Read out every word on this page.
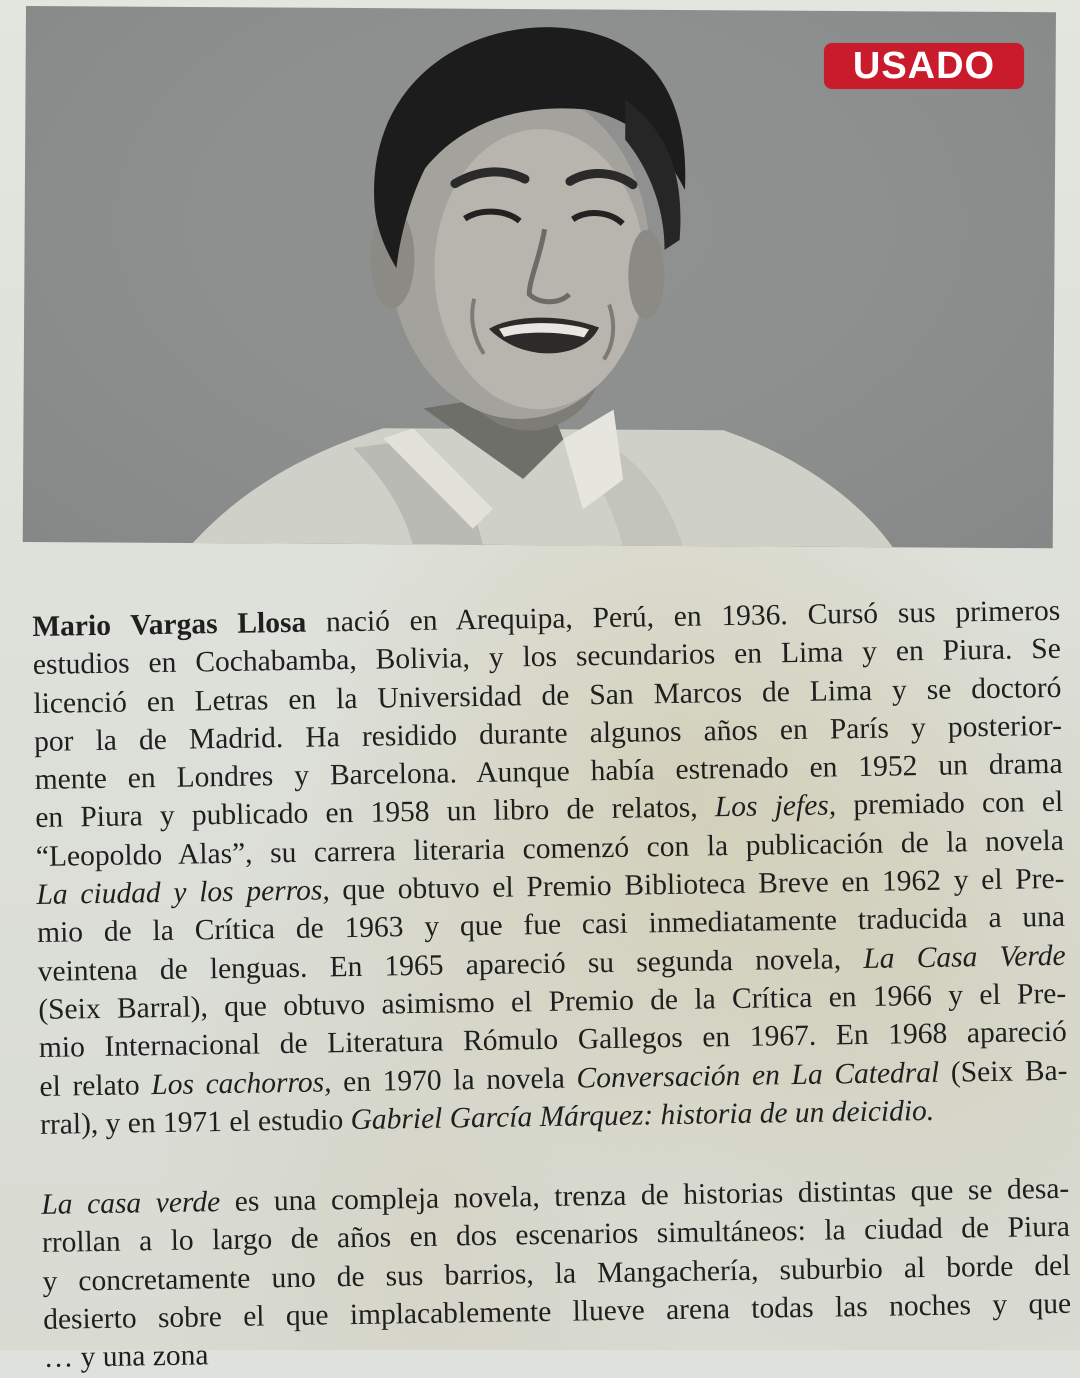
USADO
Mario Vargas Llosa nació en Arequipa, Perú, en 1936. Cursó sus primeros
estudios en Cochabamba, Bolivia, y los secundarios en Lima y en Piura. Se
licenció en Letras en la Universidad de San Marcos de Lima y se doctoró
por la de Madrid. Ha residido durante algunos años en París y posterior-
mente en Londres y Barcelona. Aunque había estrenado en 1952 un drama
en Piura y publicado en 1958 un libro de relatos, Los jefes, premiado con el
“Leopoldo Alas”, su carrera literaria comenzó con la publicación de la novela
La ciudad y los perros, que obtuvo el Premio Biblioteca Breve en 1962 y el Pre-
mio de la Crítica de 1963 y que fue casi inmediatamente traducida a una
veintena de lenguas. En 1965 apareció su segunda novela, La Casa Verde
(Seix Barral), que obtuvo asimismo el Premio de la Crítica en 1966 y el Pre-
mio Internacional de Literatura Rómulo Gallegos en 1967. En 1968 apareció
el relato Los cachorros, en 1970 la novela Conversación en La Catedral (Seix Ba-
rral), y en 1971 el estudio Gabriel García Márquez: historia de un deicidio.
La casa verde es una compleja novela, trenza de historias distintas que se desa-
rrollan a lo largo de años en dos escenarios simultáneos: la ciudad de Piura
y concretamente uno de sus barrios, la Mangachería, suburbio al borde del
desierto sobre el que implacablemente llueve arena todas las noches y que
… y una zona
